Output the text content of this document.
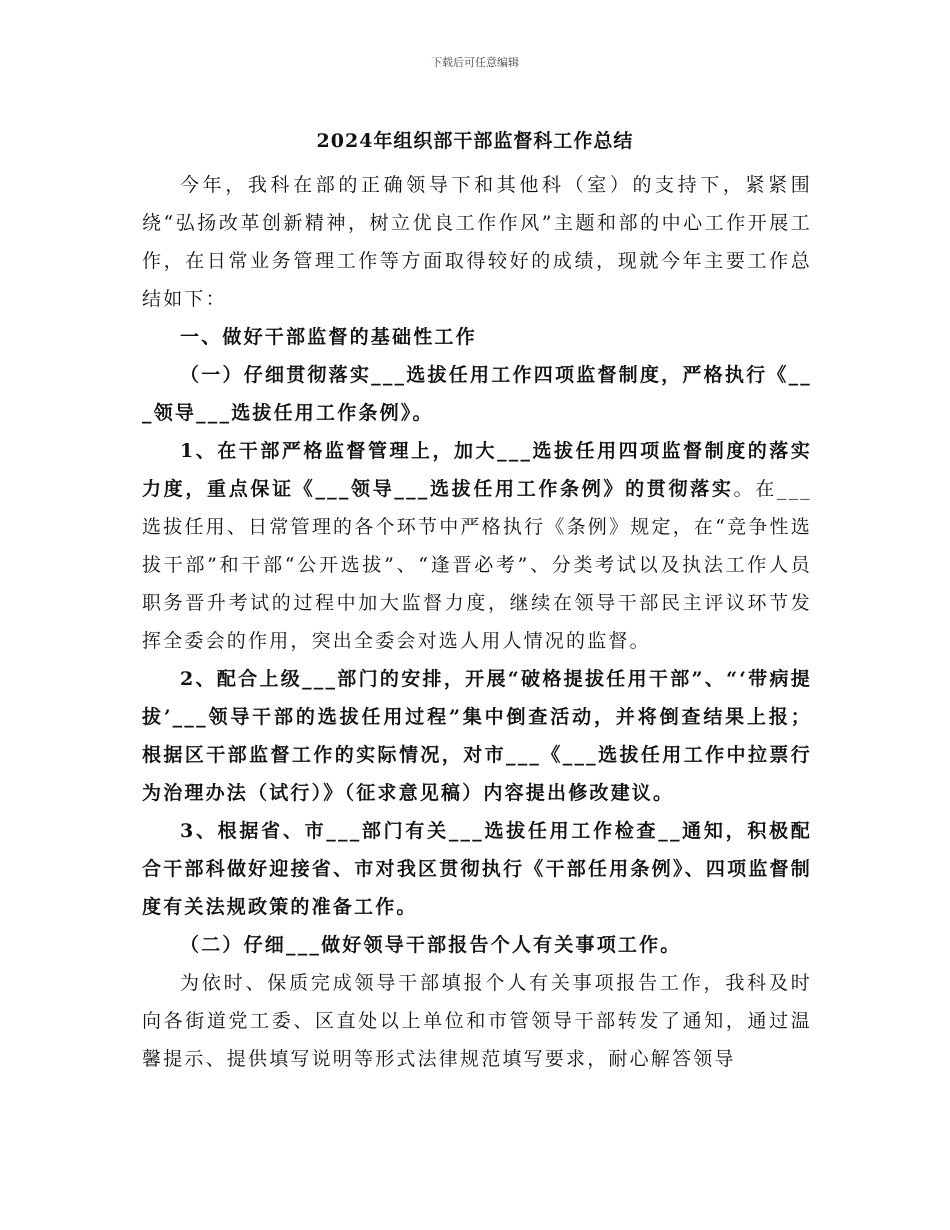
下载后可任意编辑
2024年组织部干部监督科工作总结

今年，我科在部的正确领导下和其他科（室）的支持下，紧紧围绕“弘扬改革创新精神，树立优良工作作风”主题和部的中心工作开展工作，在日常业务管理工作等方面取得较好的成绩，现就今年主要工作总结如下：

一、做好干部监督的基础性工作

（一）仔细贯彻落实___选拔任用工作四项监督制度，严格执行《___领导___选拔任用工作条例》。

1、在干部严格监督管理上，加大___选拔任用四项监督制度的落实力度，重点保证《___领导___选拔任用工作条例》的贯彻落实。在___选拔任用、日常管理的各个环节中严格执行《条例》规定，在“竞争性选拔干部”和干部“公开选拔”、“逢晋必考”、分类考试以及执法工作人员职务晋升考试的过程中加大监督力度，继续在领导干部民主评议环节发挥全委会的作用，突出全委会对选人用人情况的监督。

2、配合上级___部门的安排，开展“破格提拔任用干部”、“‘带病提拔’___领导干部的选拔任用过程”集中倒查活动，并将倒查结果上报；根据区干部监督工作的实际情况，对市___《___选拔任用工作中拉票行为治理办法（试行）》（征求意见稿）内容提出修改建议。

3、根据省、市___部门有关___选拔任用工作检查__通知，积极配合干部科做好迎接省、市对我区贯彻执行《干部任用条例》、四项监督制度有关法规政策的准备工作。

（二）仔细___做好领导干部报告个人有关事项工作。

为依时、保质完成领导干部填报个人有关事项报告工作，我科及时向各街道党工委、区直处以上单位和市管领导干部转发了通知，通过温馨提示、提供填写说明等形式法律规范填写要求，耐心解答领导
